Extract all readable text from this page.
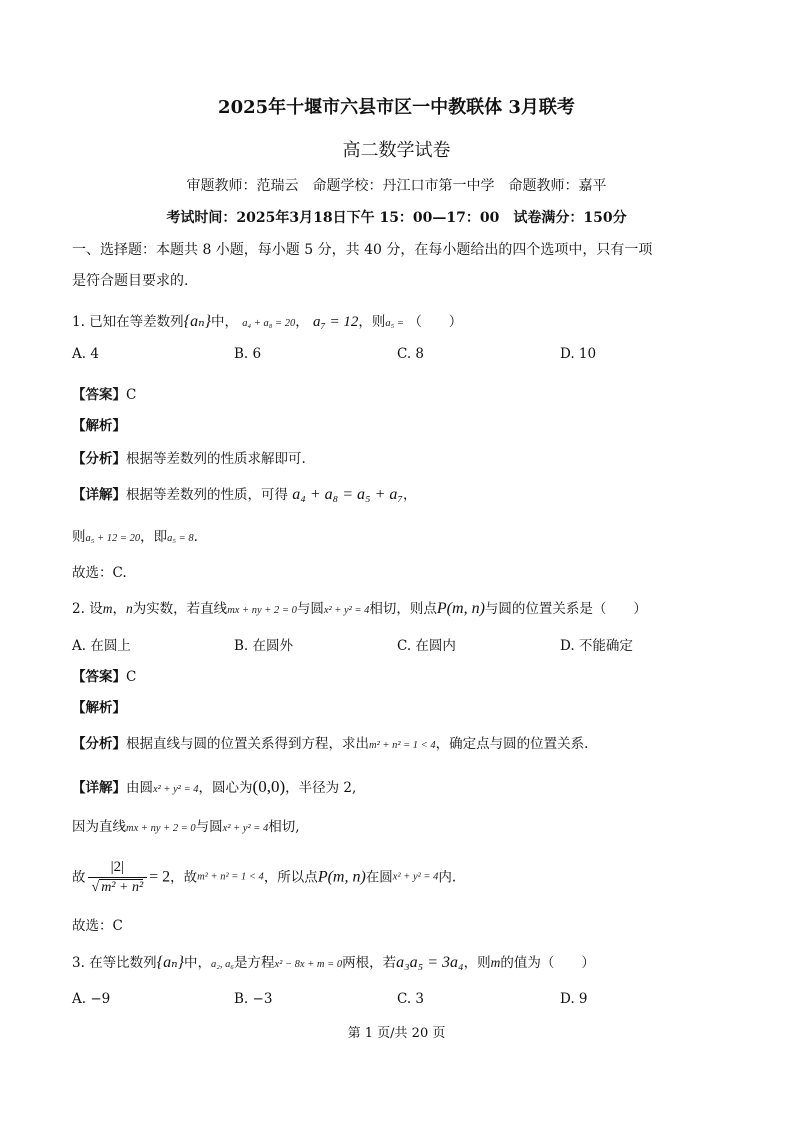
2025年十堰市六县市区一中教联体 3月联考
高二数学试卷
审题教师：范瑞云　命题学校：丹江口市第一中学　命题教师：嘉平
考试时间：2025年3月18日下午 15：00—17：00　试卷满分：150分
一、选择题：本题共 8 小题，每小题 5 分，共 40 分，在每小题给出的四个选项中，只有一项
是符合题目要求的.
1. 已知在等差数列{aₙ}中， a₄ + a₈ = 20， a₇ = 12，则a₅ = （　　）
A. 4	B. 6	C. 8	D. 10
【答案】C
【解析】
【分析】根据等差数列的性质求解即可.
【详解】根据等差数列的性质，可得 a₄ + a₈ = a₅ + a₇，
则a₅ + 12 = 20，即a₅ = 8.
故选：C.
2. 设m，n为实数，若直线mx + ny + 2 = 0与圆x² + y² = 4相切，则点P(m, n)与圆的位置关系是（　　）
A. 在圆上	B. 在圆外	C. 在圆内	D. 不能确定
【答案】C
【解析】
【分析】根据直线与圆的位置关系得到方程，求出m² + n² = 1 < 4，确定点与圆的位置关系.
【详解】由圆x² + y² = 4，圆心为(0,0)，半径为 2,
因为直线mx + ny + 2 = 0与圆x² + y² = 4相切,
故 $\frac{|2|}{\text{√ m² + n²}} = 2$，故m² + n² = 1 < 4，所以点P(m, n)在圆x² + y² = 4内.
故选：C
3. 在等比数列{aₙ}中，a₂, a₆是方程x² − 8x + m = 0两根，若a₃a₅ = 3a₄，则m的值为（　　）
A. −9	B. −3	C. 3	D. 9
第 1 页/共 20 页
